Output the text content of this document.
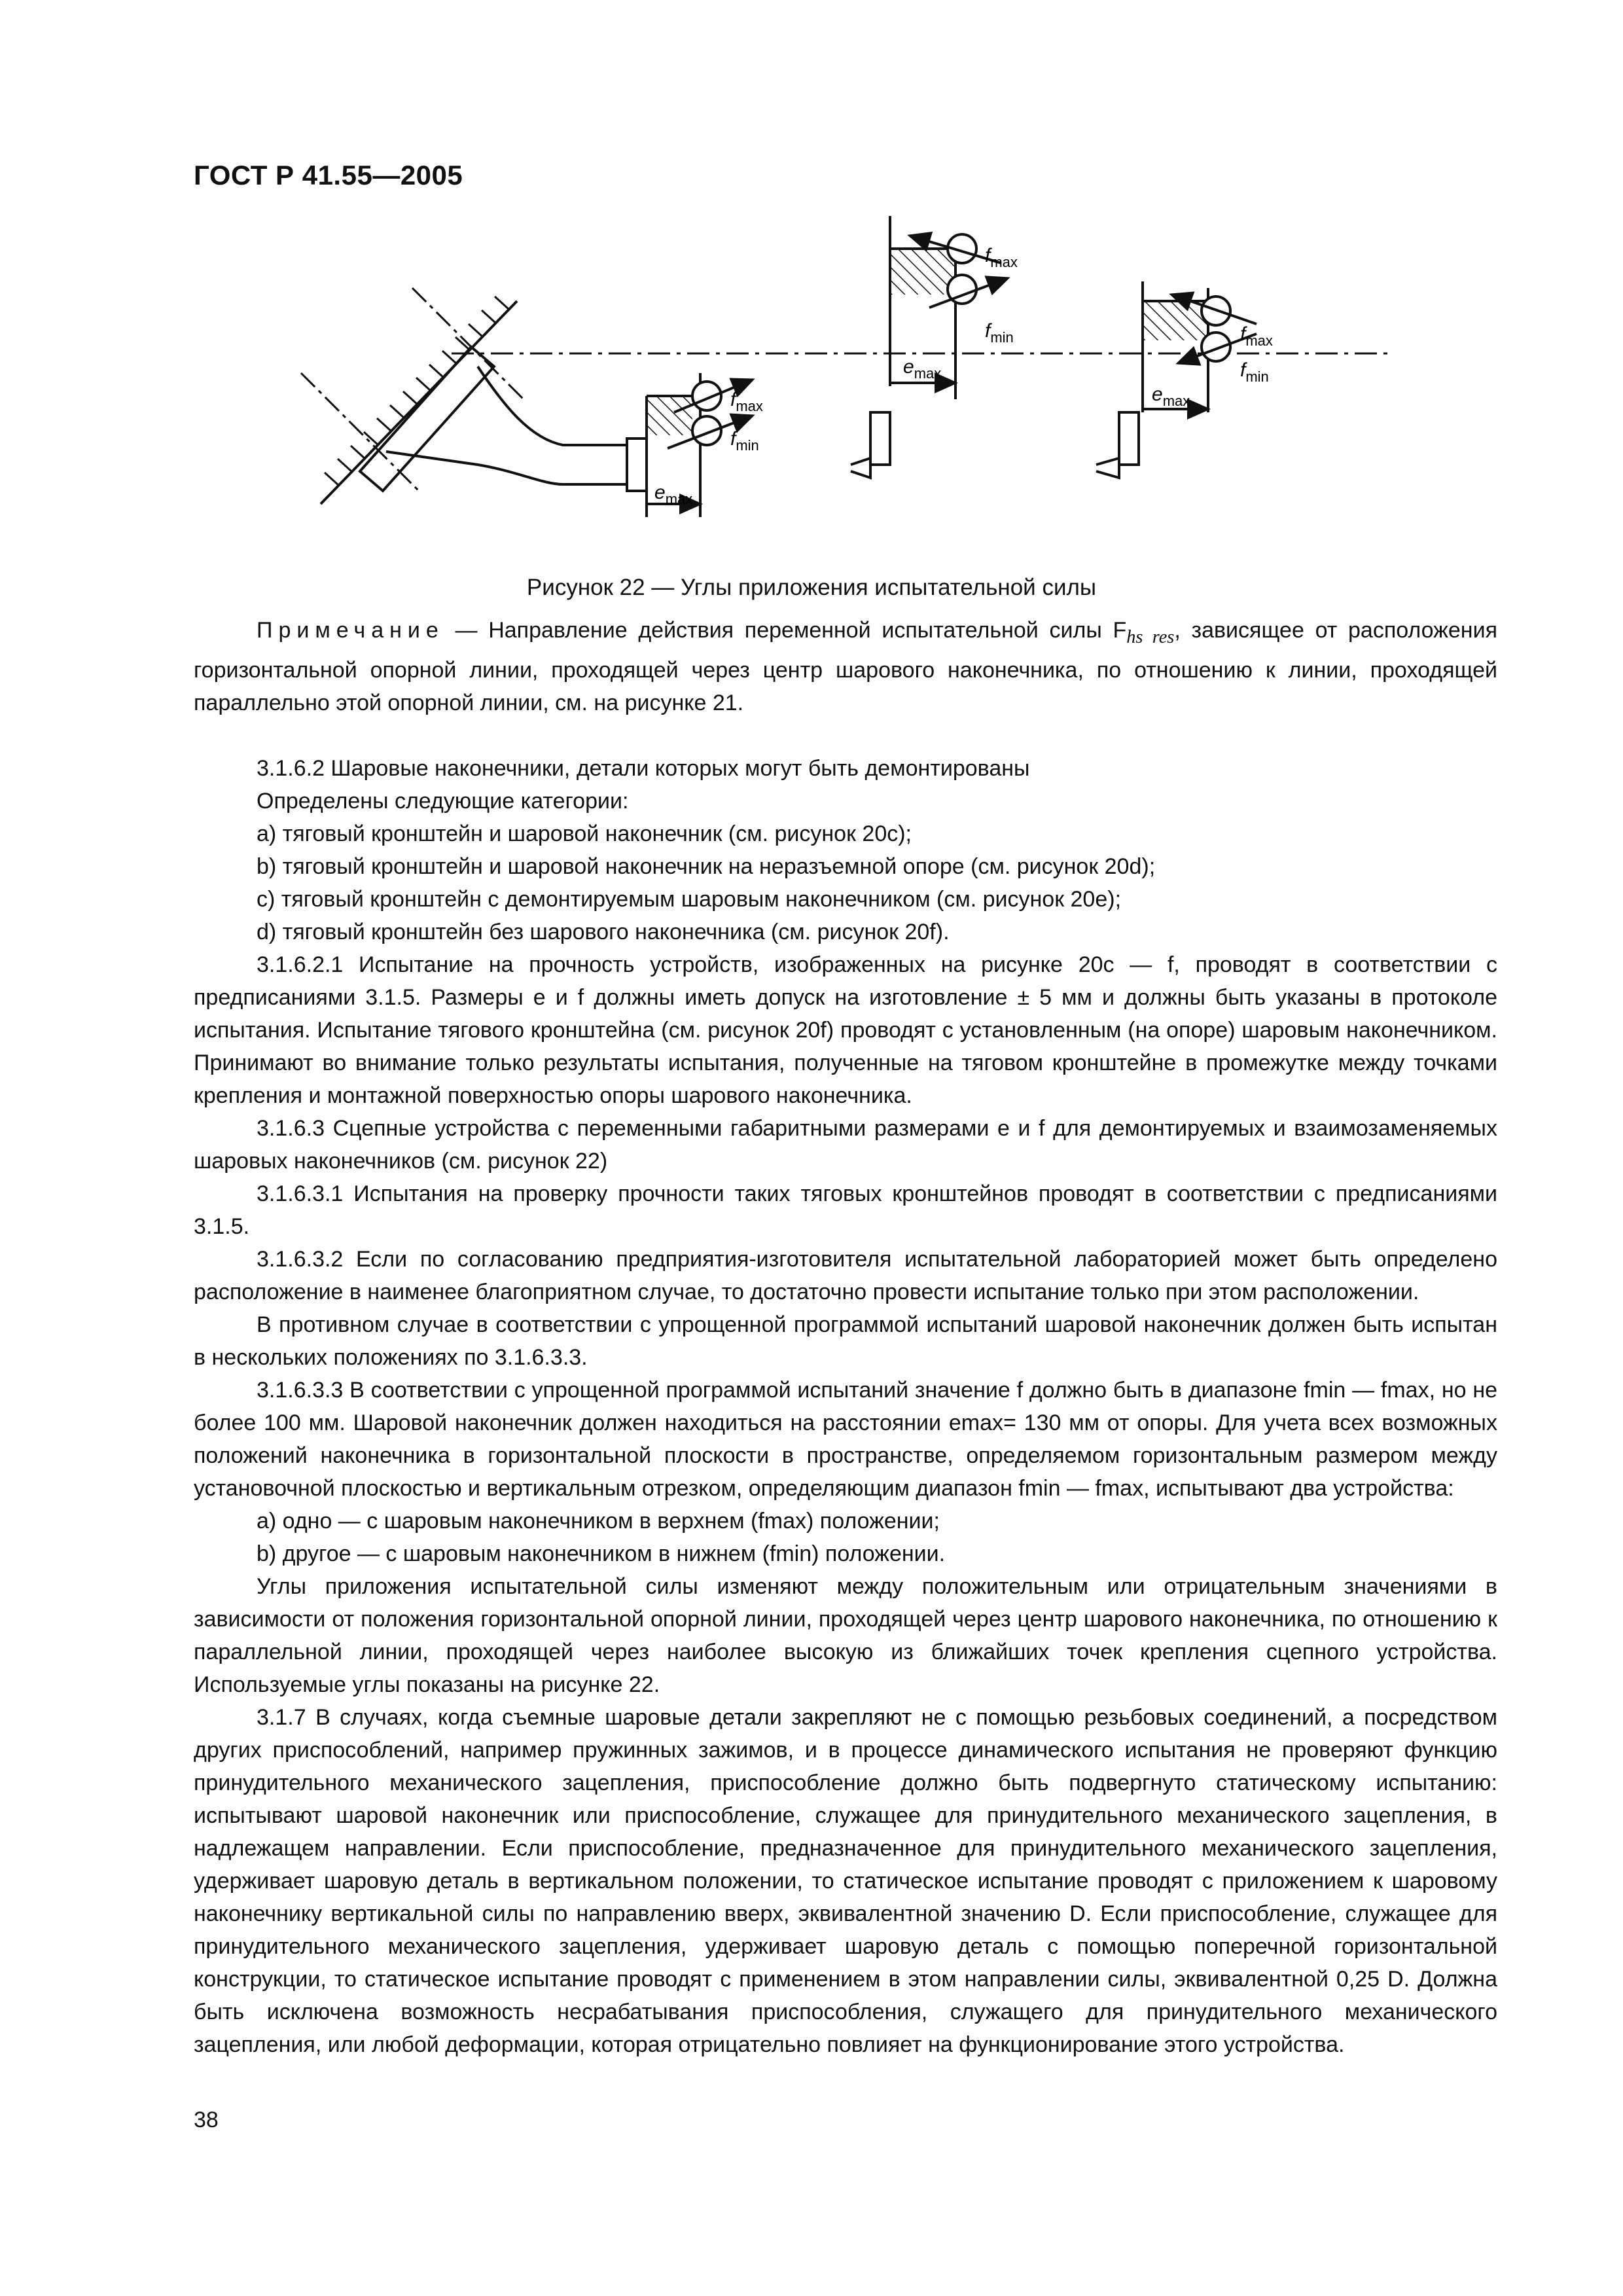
ГОСТ Р 41.55—2005
$f_{max}$
$f_{min}$
$e_{max}$
$f_{max}$
$f_{min}$
$e_{max}$
$f_{max}$
$f_{min}$
$e_{max}$
Рисунок 22 — Углы приложения испытательной силы

Примечание — Направление действия переменной испытательной силы $F_{hs res}$, зависящее от расположения горизонтальной опорной линии, проходящей через центр шарового наконечника, по отношению к линии, проходящей параллельно этой опорной линии, см. на рисунке 21.

3.1.6.2 Шаровые наконечники, детали которых могут быть демонтированы

Определены следующие категории:

a) тяговый кронштейн и шаровой наконечник (см. рисунок 20c);

b) тяговый кронштейн и шаровой наконечник на неразъемной опоре (см. рисунок 20d);

c) тяговый кронштейн с демонтируемым шаровым наконечником (см. рисунок 20e);

d) тяговый кронштейн без шарового наконечника (см. рисунок 20f).

3.1.6.2.1 Испытание на прочность устройств, изображенных на рисунке 20c — f, проводят в соответствии с предписаниями 3.1.5. Размеры e и f должны иметь допуск на изготовление ± 5 мм и должны быть указаны в протоколе испытания. Испытание тягового кронштейна (см. рисунок 20f) проводят с установленным (на опоре) шаровым наконечником. Принимают во внимание только результаты испытания, полученные на тяговом кронштейне в промежутке между точками крепления и монтажной поверхностью опоры шарового наконечника.

3.1.6.3 Сцепные устройства с переменными габаритными размерами e и f для демонтируемых и взаимозаменяемых шаровых наконечников (см. рисунок 22)

3.1.6.3.1 Испытания на проверку прочности таких тяговых кронштейнов проводят в соответствии с предписаниями 3.1.5.

3.1.6.3.2 Если по согласованию предприятия-изготовителя испытательной лабораторией может быть определено расположение в наименее благоприятном случае, то достаточно провести испытание только при этом расположении.

В противном случае в соответствии с упрощенной программой испытаний шаровой наконечник должен быть испытан в нескольких положениях по 3.1.6.3.3.

3.1.6.3.3 В соответствии с упрощенной программой испытаний значение f должно быть в диапазоне fmin — fmax, но не более 100 мм. Шаровой наконечник должен находиться на расстоянии emax= 130 мм от опоры. Для учета всех возможных положений наконечника в горизонтальной плоскости в пространстве, определяемом горизонтальным размером между установочной плоскостью и вертикальным отрезком, определяющим диапазон fmin — fmax, испытывают два устройства:

a) одно — с шаровым наконечником в верхнем (fmax) положении;

b) другое — с шаровым наконечником в нижнем (fmin) положении.

Углы приложения испытательной силы изменяют между положительным или отрицательным значениями в зависимости от положения горизонтальной опорной линии, проходящей через центр шарового наконечника, по отношению к параллельной линии, проходящей через наиболее высокую из ближайших точек крепления сцепного устройства. Используемые углы показаны на рисунке 22.

3.1.7 В случаях, когда съемные шаровые детали закрепляют не с помощью резьбовых соединений, а посредством других приспособлений, например пружинных зажимов, и в процессе динамического испытания не проверяют функцию принудительного механического зацепления, приспособление должно быть подвергнуто статическому испытанию: испытывают шаровой наконечник или приспособление, служащее для принудительного механического зацепления, в надлежащем направлении. Если приспособление, предназначенное для принудительного механического зацепления, удерживает шаровую деталь в вертикальном положении, то статическое испытание проводят с приложением к шаровому наконечнику вертикальной силы по направлению вверх, эквивалентной значению D. Если приспособление, служащее для принудительного механического зацепления, удерживает шаровую деталь с помощью поперечной горизонтальной конструкции, то статическое испытание проводят с применением в этом направлении силы, эквивалентной 0,25 D. Должна быть исключена возможность несрабатывания приспособления, служащего для принудительного механического зацепления, или любой деформации, которая отрицательно повлияет на функционирование этого устройства.

38
